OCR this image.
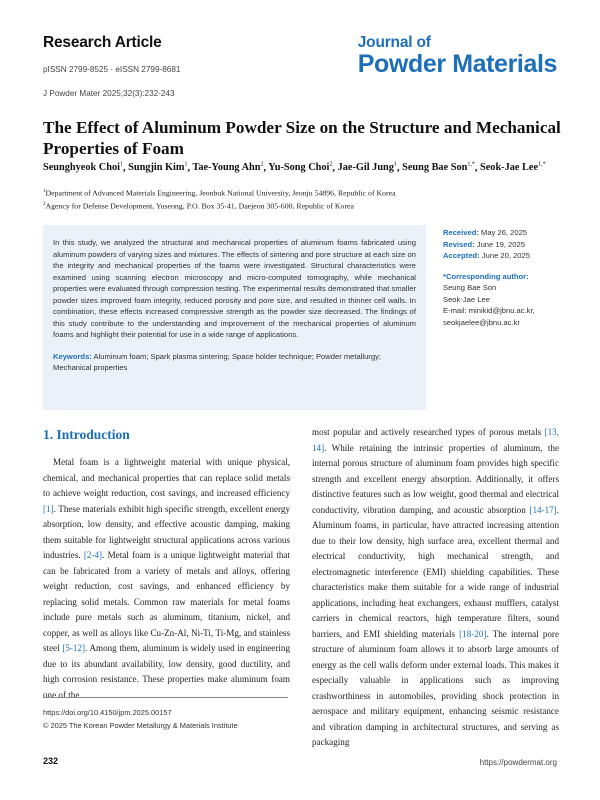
Research Article
pISSN 2799-8525 · eISSN 2799-8681
J Powder Mater 2025;32(3):232-243
Journal of
Powder Materials
The Effect of Aluminum Powder Size on the Structure and Mechanical Properties of Foam
Seunghyeok Choi$^1$, Sungjin Kim$^1$, Tae-Young Ahn$^2$, Yu-Song Choi$^2$, Jae-Gil Jung$^1$, Seung Bae Son$^{1,*}$, Seok-Jae Lee$^{1,*}$
$^1$Department of Advanced Materials Engineering, Jeonbuk National University, Jeonju 54896, Republic of Korea
$^2$Agency for Defense Development, Yuseong, P.O. Box 35-41, Daejeon 305-600, Republic of Korea
In this study, we analyzed the structural and mechanical properties of aluminum foams fabricated using aluminum powders of varying sizes and mixtures. The effects of sintering and pore structure at each size on the integrity and mechanical properties of the foams were investigated. Structural characteristics were examined using scanning electron microscopy and micro-computed tomography, while mechanical properties were evaluated through compression testing. The experimental results demonstrated that smaller powder sizes improved foam integrity, reduced porosity and pore size, and resulted in thinner cell walls. In combination, these effects increased compressive strength as the powder size decreased. The findings of this study contribute to the understanding and improvement of the mechanical properties of aluminum foams and highlight their potential for use in a wide range of applications.
Keywords: Aluminum foam; Spark plasma sintering; Space holder technique; Powder metallurgy; Mechanical properties
Received: May 26, 2025
Revised: June 19, 2025
Accepted: June 20, 2025
*Corresponding author:
Seung Bae Son
Seok-Jae Lee
E-mail: minikid@jbnu.ac.kr,
seokjaelee@jbnu.ac.kr
1. Introduction

Metal foam is a lightweight material with unique physical, chemical, and mechanical properties that can replace solid metals to achieve weight reduction, cost savings, and increased efficiency [1]. These materials exhibit high specific strength, excellent energy absorption, low density, and effective acoustic damping, making them suitable for lightweight structural applications across various industries. [2-4]. Metal foam is a unique lightweight material that can be fabricated from a variety of metals and alloys, offering weight reduction, cost savings, and enhanced efficiency by replacing solid metals. Common raw materials for metal foams include pure metals such as aluminum, titanium, nickel, and copper, as well as alloys like Cu-Zn-Al, Ni-Ti, Ti-Mg, and stainless steel [5-12]. Among them, aluminum is widely used in engineering due to its abundant availability, low density, good ductility, and high corrosion resistance. These properties make aluminum foam one of the

most popular and actively researched types of porous metals [13, 14]. While retaining the intrinsic properties of aluminum, the internal porous structure of aluminum foam provides high specific strength and excellent energy absorption. Additionally, it offers distinctive features such as low weight, good thermal and electrical conductivity, vibration damping, and acoustic absorption [14-17]. Aluminum foams, in particular, have attracted increasing attention due to their low density, high surface area, excellent thermal and electrical conductivity, high mechanical strength, and electromagnetic interference (EMI) shielding capabilities. These characteristics make them suitable for a wide range of industrial applications, including heat exchangers, exhaust mufflers, catalyst carriers in chemical reactors, high temperature filters, sound barriers, and EMI shielding materials [18-20]. The internal pore structure of aluminum foam allows it to absorb large amounts of energy as the cell walls deform under external loads. This makes it especially valuable in applications such as improving crashworthiness in automobiles, providing shock protection in aerospace and military equipment, enhancing seismic resistance and vibration damping in architectural structures, and serving as packaging

https://doi.org/10.4150/jpm.2025.00157
© 2025 The Korean Powder Metallurgy & Materials Institute
232	https://powdermat.org
